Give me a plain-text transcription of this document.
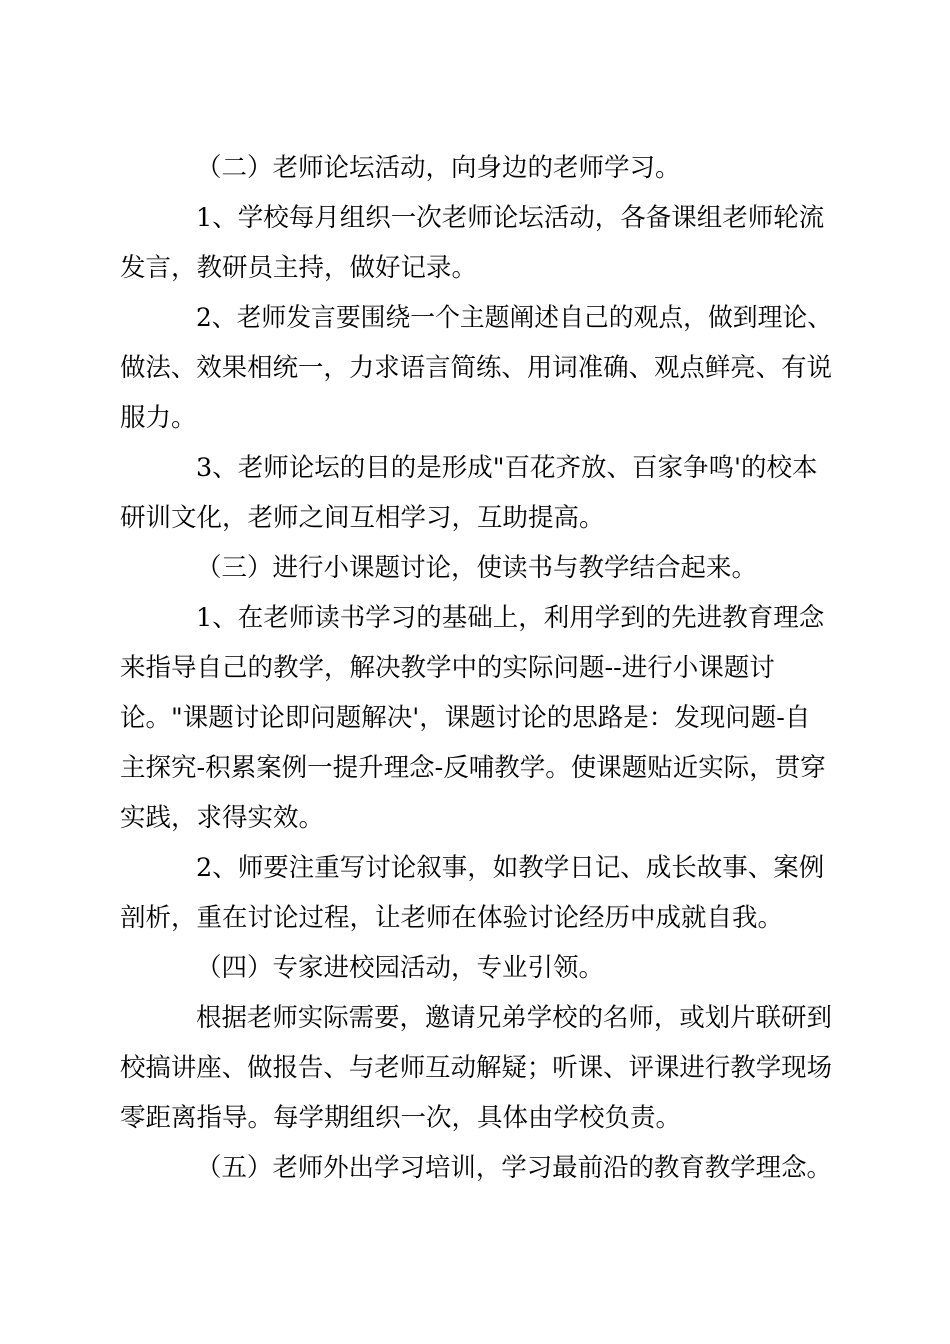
（二）老师论坛活动，向身边的老师学习。
1、学校每月组织一次老师论坛活动，各备课组老师轮流
发言，教研员主持，做好记录。
2、老师发言要围绕一个主题阐述自己的观点，做到理论、
做法、效果相统一，力求语言简练、用词准确、观点鲜亮、有说
服力。
3、老师论坛的目的是形成"百花齐放、百家争鸣'的校本
研训文化，老师之间互相学习，互助提高。
（三）进行小课题讨论，使读书与教学结合起来。
1、在老师读书学习的基础上，利用学到的先进教育理念
来指导自己的教学，解决教学中的实际问题--进行小课题讨
论。"课题讨论即问题解决'，课题讨论的思路是：发现问题-自
主探究-积累案例一提升理念-反哺教学。使课题贴近实际，贯穿
实践，求得实效。
2、师要注重写讨论叙事，如教学日记、成长故事、案例
剖析，重在讨论过程，让老师在体验讨论经历中成就自我。
（四）专家进校园活动，专业引领。
根据老师实际需要，邀请兄弟学校的名师，或划片联研到
校搞讲座、做报告、与老师互动解疑；听课、评课进行教学现场
零距离指导。每学期组织一次，具体由学校负责。
（五）老师外出学习培训，学习最前沿的教育教学理念。
